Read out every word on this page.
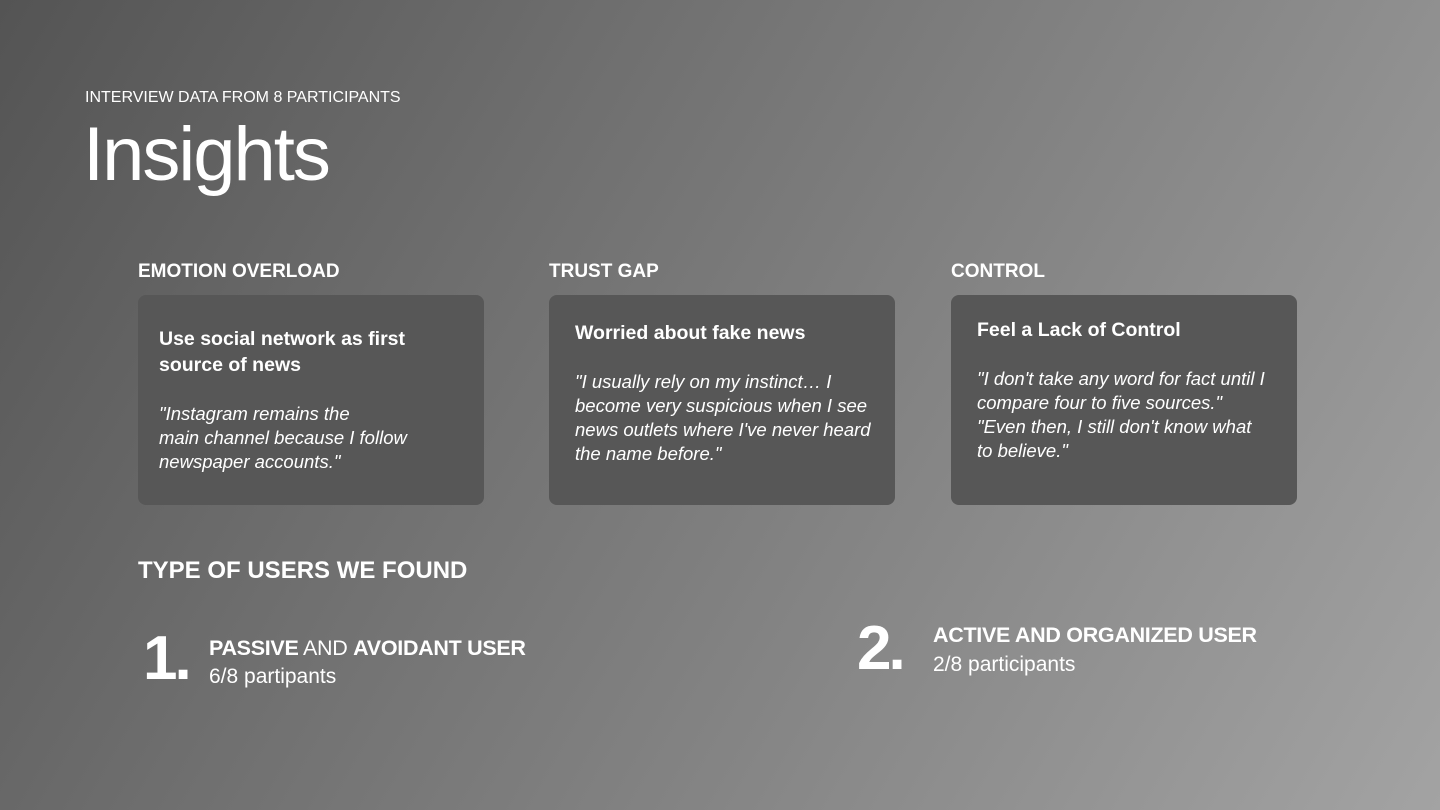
INTERVIEW DATA FROM 8 PARTICIPANTS
Insights
EMOTION OVERLOAD
Use social network as first source of news
"Instagram remains the
main channel because I follow newspaper accounts."
TRUST GAP
Worried about fake news
"I usually rely on my instinct… I become very suspicious when I see news outlets where I've never heard the name before."
CONTROL
Feel a Lack of Control
"I don't take any word for fact until I compare four to five sources."
"Even then, I still don't know what to believe."
TYPE OF USERS WE FOUND
1. PASSIVE AND AVOIDANT USER
6/8 partipants	2. ACTIVE AND ORGANIZED USER
2/8 participants
